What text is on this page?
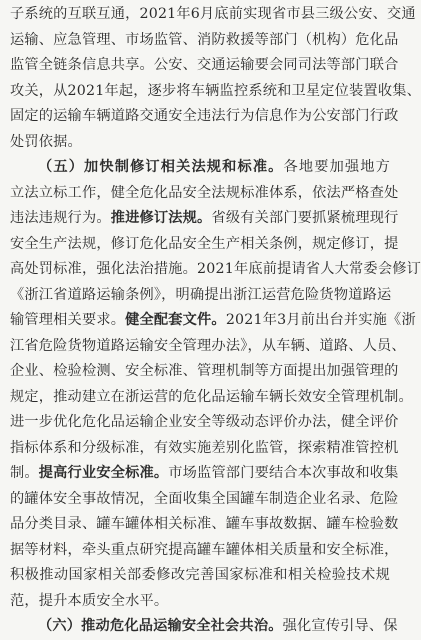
子系统的互联互通，2021年6月底前实现省市县三级公安、交通
运输、应急管理、市场监管、消防救援等部门（机构）危化品
监管全链条信息共享。公安、交通运输要会同司法等部门联合
攻关，从2021年起，逐步将车辆监控系统和卫星定位装置收集、
固定的运输车辆道路交通安全违法行为信息作为公安部门行政
处罚依据。
（五）加快制修订相关法规和标准。各地要加强地方
立法立标工作，健全危化品安全法规标准体系，依法严格查处
违法违规行为。推进修订法规。省级有关部门要抓紧梳理现行
安全生产法规，修订危化品安全生产相关条例，规定修订，提
高处罚标准，强化法治措施。2021年底前提请省人大常委会修订
《浙江省道路运输条例》，明确提出浙江运营危险货物道路运
输管理相关要求。健全配套文件。2021年3月前出台并实施《浙
江省危险货物道路运输安全管理办法》，从车辆、道路、人员、
企业、检验检测、安全标准、管理机制等方面提出加强管理的
规定，推动建立在浙运营的危化品运输车辆长效安全管理机制。
进一步优化危化品运输企业安全等级动态评价办法，健全评价
指标体系和分级标准，有效实施差别化监管，探索精准管控机
制。提高行业安全标准。市场监管部门要结合本次事故和收集
的罐体安全事故情况，全面收集全国罐车制造企业名录、危险
品分类目录、罐车罐体相关标准、罐车事故数据、罐车检验数
据等材料，牵头重点研究提高罐车罐体相关质量和安全标准，
积极推动国家相关部委修改完善国家标准和相关检验技术规
范，提升本质安全水平。
（六）推动危化品运输安全社会共治。强化宣传引导、保
